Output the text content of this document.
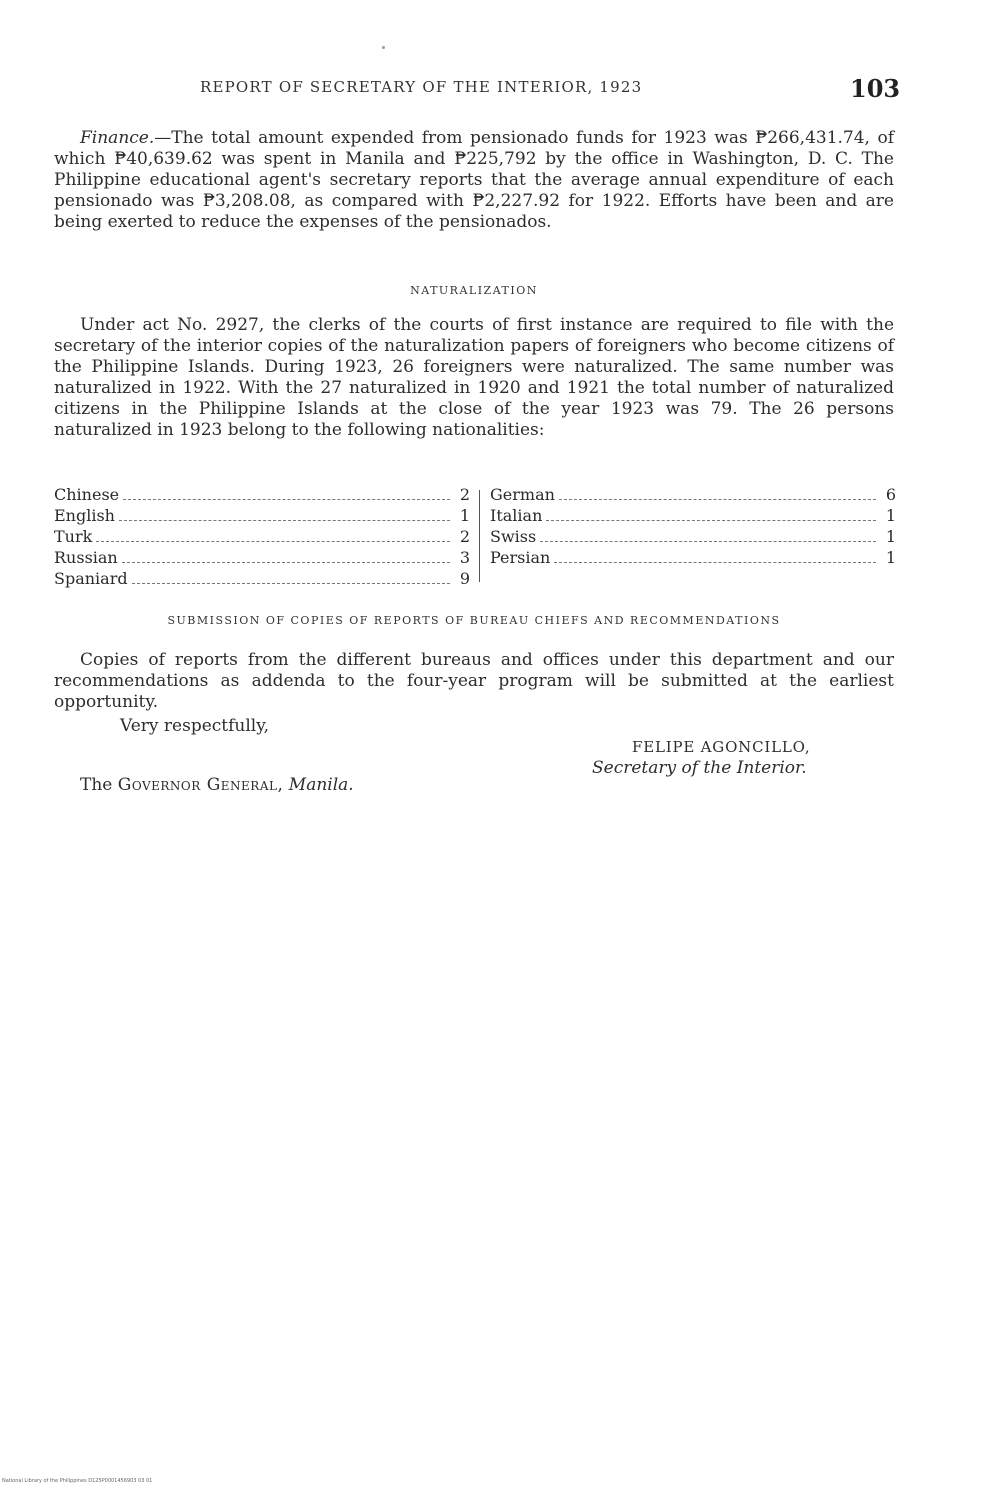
REPORT OF SECRETARY OF THE INTERIOR, 1923	103

Finance.—The total amount expended from pensionado funds for 1923 was ₱266,431.74, of which ₱40,639.62 was spent in Manila and ₱225,792 by the office in Washington, D. C. The Philippine educational agent's secretary reports that the average annual expenditure of each pensionado was ₱3,208.08, as compared with ₱2,227.92 for 1922. Efforts have been and are being exerted to reduce the expenses of the pensionados.

NATURALIZATION

Under act No. 2927, the clerks of the courts of first instance are required to file with the secretary of the interior copies of the naturalization papers of foreigners who become citizens of the Philippine Islands. During 1923, 26 foreigners were naturalized. The same number was naturalized in 1922. With the 27 naturalized in 1920 and 1921 the total number of naturalized citizens in the Philippine Islands at the close of the year 1923 was 79. The 26 persons naturalized in 1923 belong to the following nationalities:

Chinese	2
English	1
Turk	2
Russian	3
Spaniard	9
German	6
Italian	1
Swiss	1
Persian	1
SUBMISSION OF COPIES OF REPORTS OF BUREAU CHIEFS AND RECOMMENDATIONS

Copies of reports from the different bureaus and offices under this department and our recommendations as addenda to the four-year program will be submitted at the earliest opportunity.

Very respectfully,
FELIPE AGONCILLO,
Secretary of the Interior.
The Governor General, Manila.
National Library of the Philippines D125P0001456903 03 01
